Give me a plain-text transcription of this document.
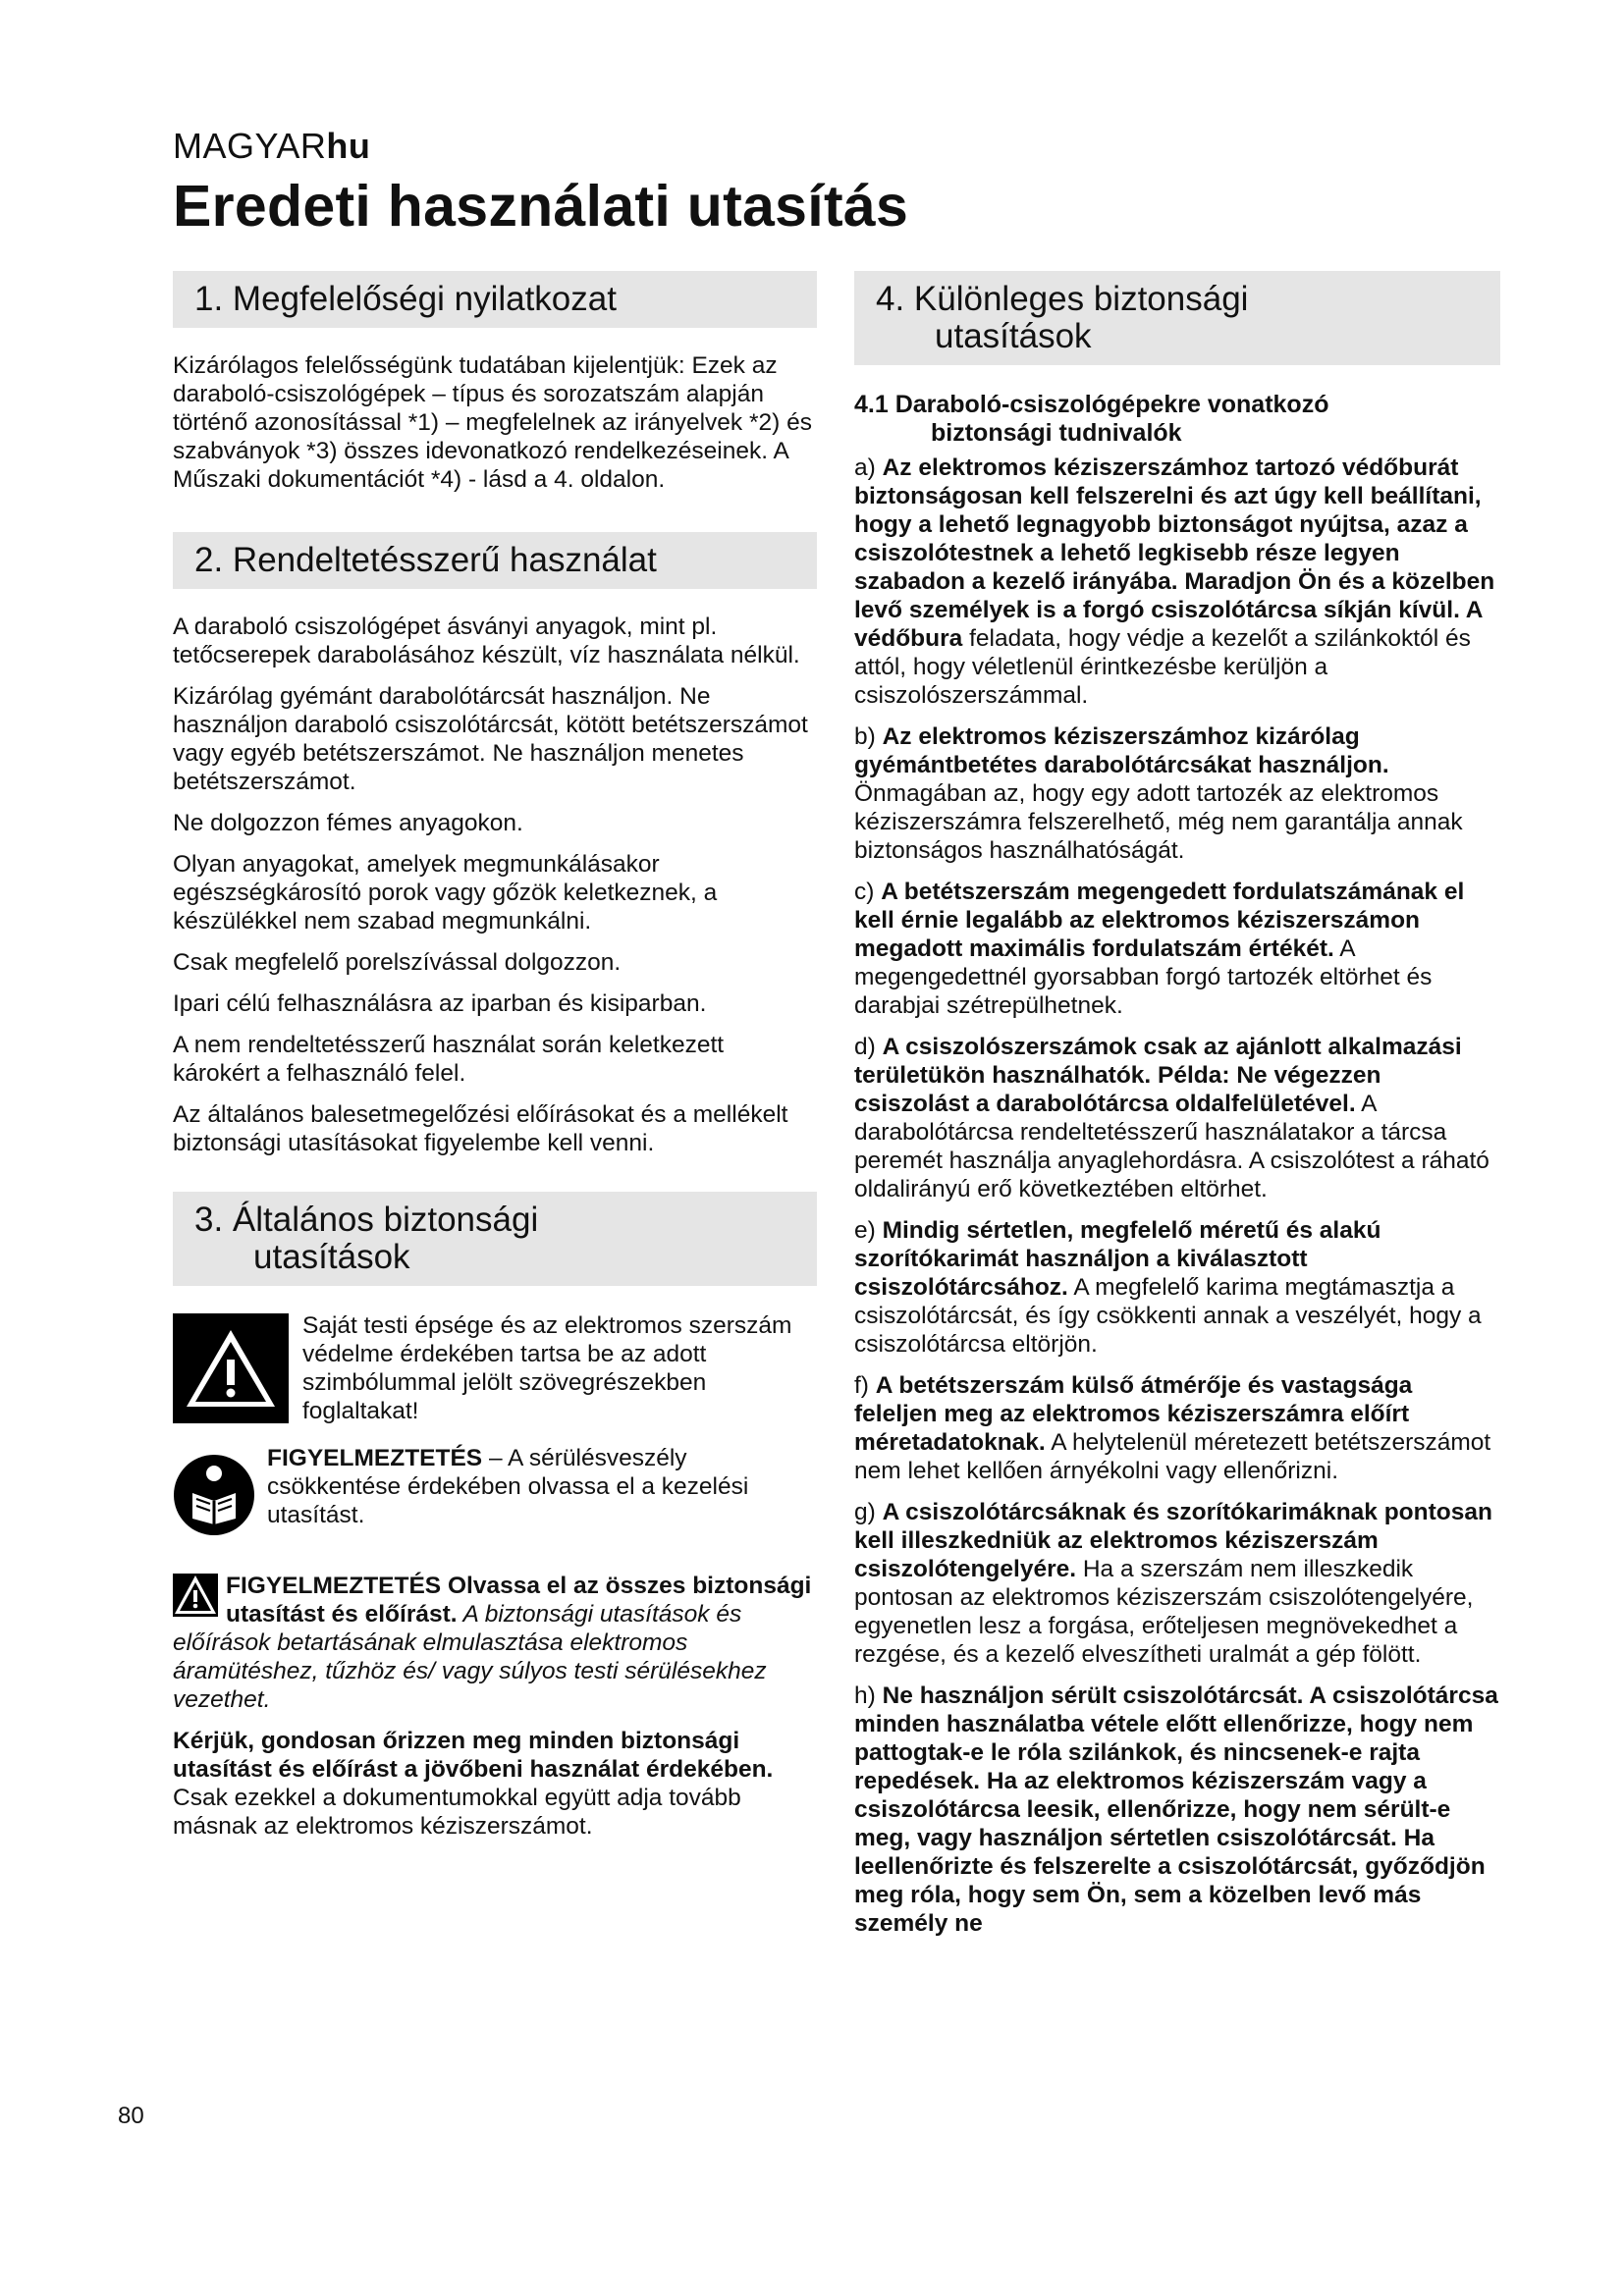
MAGYARhu
Eredeti használati utasítás
1. Megfelelőségi nyilatkozat

Kizárólagos felelősségünk tudatában kijelentjük: Ezek az daraboló-csiszológépek – típus és sorozatszám alapján történő azonosítással *1) – megfelelnek az irányelvek *2) és szabványok *3) összes idevonatkozó rendelkezéseinek. A Műszaki dokumentációt *4) - lásd a 4. oldalon.

2. Rendeltetésszerű használat

A daraboló csiszológépet ásványi anyagok, mint pl. tetőcserepek darabolásához készült, víz használata nélkül.

Kizárólag gyémánt darabolótárcsát használjon. Ne használjon daraboló csiszolótárcsát, kötött betétszerszámot vagy egyéb betétszerszámot. Ne használjon menetes betétszerszámot.

Ne dolgozzon fémes anyagokon.

Olyan anyagokat, amelyek megmunkálásakor egészségkárosító porok vagy gőzök keletkeznek, a készülékkel nem szabad megmunkálni.

Csak megfelelő porelszívással dolgozzon.

Ipari célú felhasználásra az iparban és kisiparban.

A nem rendeltetésszerű használat során keletkezett károkért a felhasználó felel.

Az általános balesetmegelőzési előírásokat és a mellékelt biztonsági utasításokat figyelembe kell venni.

3. Általános biztonsági
utasítások

Saját testi épsége és az elektromos szerszám védelme érdekében tartsa be az adott szimbólummal jelölt szövegrészekben foglaltakat!

FIGYELMEZTETÉS – A sérülésveszély csökkentése érdekében olvassa el a kezelési utasítást.

FIGYELMEZTETÉS Olvassa el az összes biztonsági utasítást és előírást. A biztonsági utasítások és előírások betartásának elmulasztása elektromos áramütéshez, tűzhöz és/ vagy súlyos testi sérülésekhez vezethet.

Kérjük, gondosan őrizzen meg minden biztonsági utasítást és előírást a jövőbeni használat érdekében. Csak ezekkel a dokumentumokkal együtt adja tovább másnak az elektromos kéziszerszámot.

4. Különleges biztonsági
utasítások
4.1 Daraboló-csiszológépekre vonatkozó
biztonsági tudnivalók

a) Az elektromos kéziszerszámhoz tartozó védőburát biztonságosan kell felszerelni és azt úgy kell beállítani, hogy a lehető legnagyobb biztonságot nyújtsa, azaz a csiszolótestnek a lehető legkisebb része legyen szabadon a kezelő irányába. Maradjon Ön és a közelben levő személyek is a forgó csiszolótárcsa síkján kívül. A védőbura feladata, hogy védje a kezelőt a szilánkoktól és attól, hogy véletlenül érintkezésbe kerüljön a csiszolószerszámmal.

b) Az elektromos kéziszerszámhoz kizárólag gyémántbetétes darabolótárcsákat használjon. Önmagában az, hogy egy adott tartozék az elektromos kéziszerszámra felszerelhető, még nem garantálja annak biztonságos használhatóságát.

c) A betétszerszám megengedett fordulatszámának el kell érnie legalább az elektromos kéziszerszámon megadott maximális fordulatszám értékét. A megengedettnél gyorsabban forgó tartozék eltörhet és darabjai szétrepülhetnek.

d) A csiszolószerszámok csak az ajánlott alkalmazási területükön használhatók. Példa: Ne végezzen csiszolást a darabolótárcsa oldalfelületével. A darabolótárcsa rendeltetésszerű használatakor a tárcsa peremét használja anyaglehordásra. A csiszolótest a ráható oldalirányú erő következtében eltörhet.

e) Mindig sértetlen, megfelelő méretű és alakú szorítókarimát használjon a kiválasztott csiszolótárcsához. A megfelelő karima megtámasztja a csiszolótárcsát, és így csökkenti annak a veszélyét, hogy a csiszolótárcsa eltörjön.

f) A betétszerszám külső átmérője és vastagsága feleljen meg az elektromos kéziszerszámra előírt méretadatoknak. A helytelenül méretezett betétszerszámot nem lehet kellően árnyékolni vagy ellenőrizni.

g) A csiszolótárcsáknak és szorítókarimáknak pontosan kell illeszkedniük az elektromos kéziszerszám csiszolótengelyére. Ha a szerszám nem illeszkedik pontosan az elektromos kéziszerszám csiszolótengelyére, egyenetlen lesz a forgása, erőteljesen megnövekedhet a rezgése, és a kezelő elveszítheti uralmát a gép fölött.

h) Ne használjon sérült csiszolótárcsát. A csiszolótárcsa minden használatba vétele előtt ellenőrizze, hogy nem pattogtak-e le róla szilánkok, és nincsenek-e rajta repedések. Ha az elektromos kéziszerszám vagy a csiszolótárcsa leesik, ellenőrizze, hogy nem sérült-e meg, vagy használjon sértetlen csiszolótárcsát. Ha leellenőrizte és felszerelte a csiszolótárcsát, győződjön meg róla, hogy sem Ön, sem a közelben levő más személy ne

80
